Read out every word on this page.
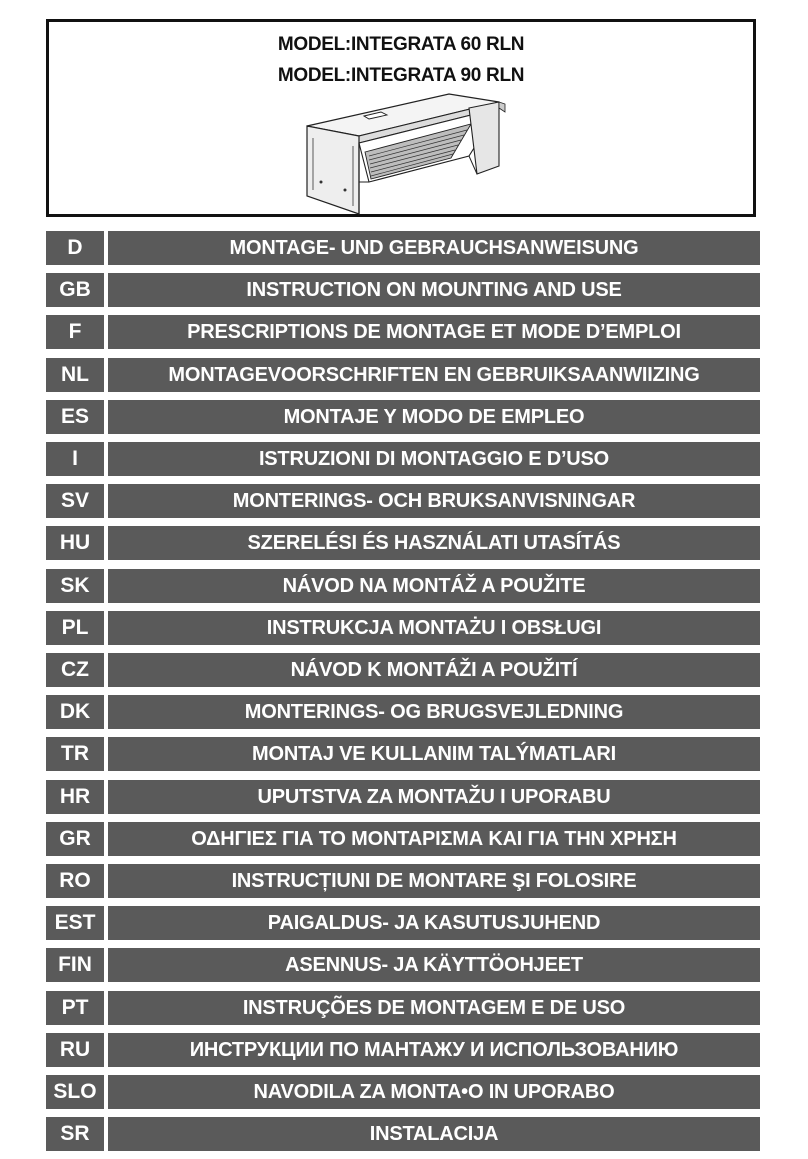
MODEL:INTEGRATA 60 RLN
MODEL:INTEGRATA 90 RLN
D	MONTAGE- UND GEBRAUCHSANWEISUNG
GB	INSTRUCTION ON MOUNTING AND USE
F	PRESCRIPTIONS DE MONTAGE ET MODE D’EMPLOI
NL	MONTAGEVOORSCHRIFTEN EN GEBRUIKSAANWIIZING
ES	MONTAJE Y MODO DE EMPLEO
I	ISTRUZIONI DI MONTAGGIO E D’USO
SV	MONTERINGS- OCH BRUKSANVISNINGAR
HU	SZERELÉSI ÉS HASZNÁLATI UTASÍTÁS
SK	NÁVOD NA MONTÁŽ A POUŽITE
PL	INSTRUKCJA MONTAŻU I OBSŁUGI
CZ	NÁVOD K MONTÁŽI A POUŽITÍ
DK	MONTERINGS- OG BRUGSVEJLEDNING
TR	MONTAJ VE KULLANIM TALÝMATLARI
HR	UPUTSTVA ZA MONTAŽU I UPORABU
GR	ΟΔΗΓΙΕΣ ΓΙΑ ΤΟ ΜΟΝΤΑΡΙΣΜΑ ΚΑΙ ΓΙΑ ΤΗΝ ΧΡΗΣΗ
RO	INSTRUCȚIUNI DE MONTARE ŞI FOLOSIRE
EST	PAIGALDUS- JA KASUTUSJUHEND
FIN	ASENNUS- JA KÄYTTÖOHJEET
PT	INSTRUÇÕES DE MONTAGEM E DE USO
RU	ИНСТРУКЦИИ ПО МАНТАЖУ И ИСПОЛЬЗОВАНИЮ
SLO	NAVODILA ZA MONTA•O IN UPORABO
SR	INSTALACIJA
